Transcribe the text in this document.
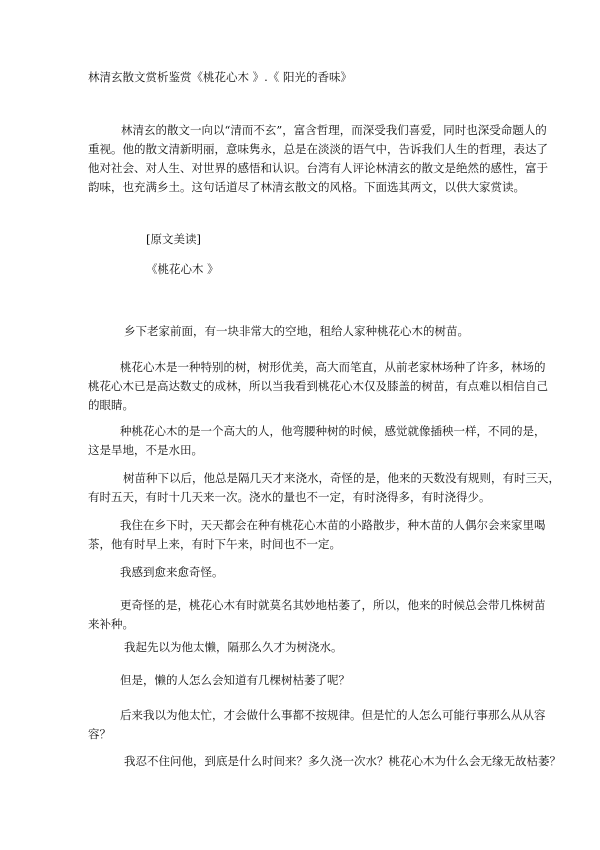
林清玄散文赏析鉴赏《桃花心木 》.《 阳光的香味》

林清玄的散文一向以“清而不玄”，富含哲理，而深受我们喜爱，同时也深受命题人的
重视。他的散文清新明丽，意味隽永，总是在淡淡的语气中，告诉我们人生的哲理，表达了
他对社会、对人生、对世界的感悟和认识。台湾有人评论林清玄的散文是绝然的感性，富于
韵味，也充满乡土。这句话道尽了林清玄散文的风格。下面选其两文，以供大家赏读。

[原文美读]

《桃花心木 》

乡下老家前面，有一块非常大的空地，租给人家种桃花心木的树苗。
桃花心木是一种特别的树，树形优美，高大而笔直，从前老家林场种了许多，林场的
桃花心木已是高达数丈的成林，所以当我看到桃花心木仅及膝盖的树苗，有点难以相信自己
的眼睛。
种桃花心木的是一个高大的人，他弯腰种树的时候，感觉就像插秧一样，不同的是，
这是旱地，不是水田。
树苗种下以后，他总是隔几天才来浇水，奇怪的是，他来的天数没有规则，有时三天，
有时五天，有时十几天来一次。浇水的量也不一定，有时浇得多，有时浇得少。
我住在乡下时，天天都会在种有桃花心木苗的小路散步，种木苗的人偶尔会来家里喝
茶，他有时早上来，有时下午来，时间也不一定。
我感到愈来愈奇怪。
更奇怪的是，桃花心木有时就莫名其妙地枯萎了，所以，他来的时候总会带几株树苗
来补种。
我起先以为他太懒，隔那么久才为树浇水。
但是，懒的人怎么会知道有几棵树枯萎了呢？
后来我以为他太忙，才会做什么事都不按规律。但是忙的人怎么可能行事那么从从容
容？
我忍不住问他，到底是什么时间来？多久浇一次水？桃花心木为什么会无缘无故枯萎？
